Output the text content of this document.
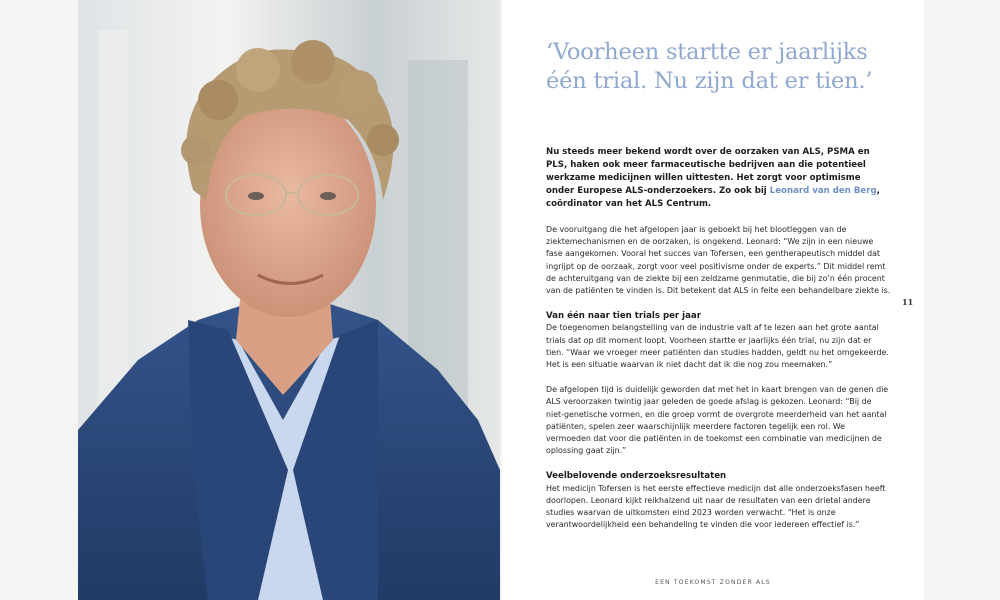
‘Voorheen startte er jaarlijks één trial. Nu zijn dat er tien.’

Nu steeds meer bekend wordt over de oorzaken van ALS, PSMA en PLS, haken ook meer farmaceutische bedrijven aan die potentieel werkzame medicijnen willen uittesten. Het zorgt voor optimisme onder Europese ALS-onderzoekers. Zo ook bij Leonard van den Berg, coördinator van het ALS Centrum.

De vooruitgang die het afgelopen jaar is geboekt bij het blootleggen van de ziektemechanismen en de oorzaken, is ongekend. Leonard: “We zijn in een nieuwe fase aangekomen. Vooral het succes van Tofersen, een gentherapeutisch middel dat ingrijpt op de oorzaak, zorgt voor veel positivisme onder de experts.” Dit middel remt de achteruitgang van de ziekte bij een zeldzame genmutatie, die bij zo’n één procent van de patiënten te vinden is. Dit betekent dat ALS in feite een behandelbare ziekte is.

Van één naar tien trials per jaar

De toegenomen belangstelling van de industrie valt af te lezen aan het grote aantal trials dat op dit moment loopt. Voorheen startte er jaarlijks één trial, nu zijn dat er tien. “Waar we vroeger meer patiënten dan studies hadden, geldt nu het omgekeerde. Het is een situatie waarvan ik niet dacht dat ik die nog zou meemaken.”

De afgelopen tijd is duidelijk geworden dat met het in kaart brengen van de genen die ALS veroorzaken twintig jaar geleden de goede afslag is gekozen. Leonard: “Bij de niet-genetische vormen, en die groep vormt de overgrote meerderheid van het aantal patiënten, spelen zeer waarschijnlijk meerdere factoren tegelijk een rol. We vermoeden dat voor die patiënten in de toekomst een combinatie van medicijnen de oplossing gaat zijn.”

Veelbelovende onderzoeksresultaten

Het medicijn Tofersen is het eerste effectieve medicijn dat alle onderzoeksfasen heeft doorlopen. Leonard kijkt reikhalzend uit naar de resultaten van een drietal andere studies waarvan de uitkomsten eind 2023 worden verwacht. “Het is onze verantwoordelijkheid een behandeling te vinden die voor iedereen effectief is.”

11
EEN TOEKOMST ZONDER ALS
